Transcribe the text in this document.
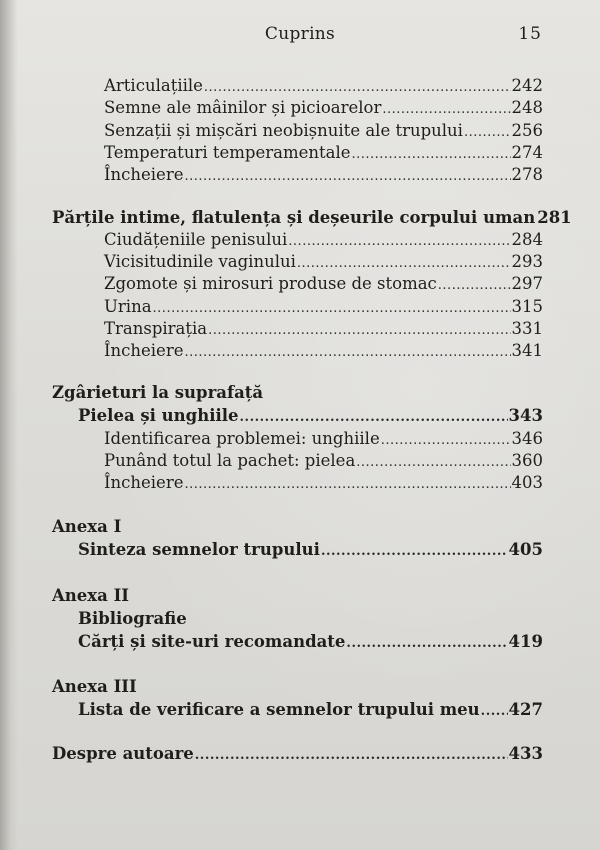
Cuprins	15
Articulațiile .....	242
Semne ale mâinilor și picioarelor .....	248
Senzații și mișcări neobișnuite ale trupului .....	256
Temperaturi temperamentale .....	274
Încheiere .....	278
Părțile intime, flatulența și deșeurile corpului uman 281
Ciudățeniile penisului .....	284
Vicisitudinile vaginului .....	293
Zgomote și mirosuri produse de stomac .....	297
Urina .....	315
Transpirația .....	331
Încheiere .....	341
Zgârieturi la suprafață
Pielea și unghiile .....	343
Identificarea problemei: unghiile .....	346
Punând totul la pachet: pielea .....	360
Încheiere .....	403
Anexa I
Sinteza semnelor trupului .....	405
Anexa II
Bibliografie
Cărți și site-uri recomandate .....	419
Anexa III
Lista de verificare a semnelor trupului meu ..... 427
Despre autoare .....	433
